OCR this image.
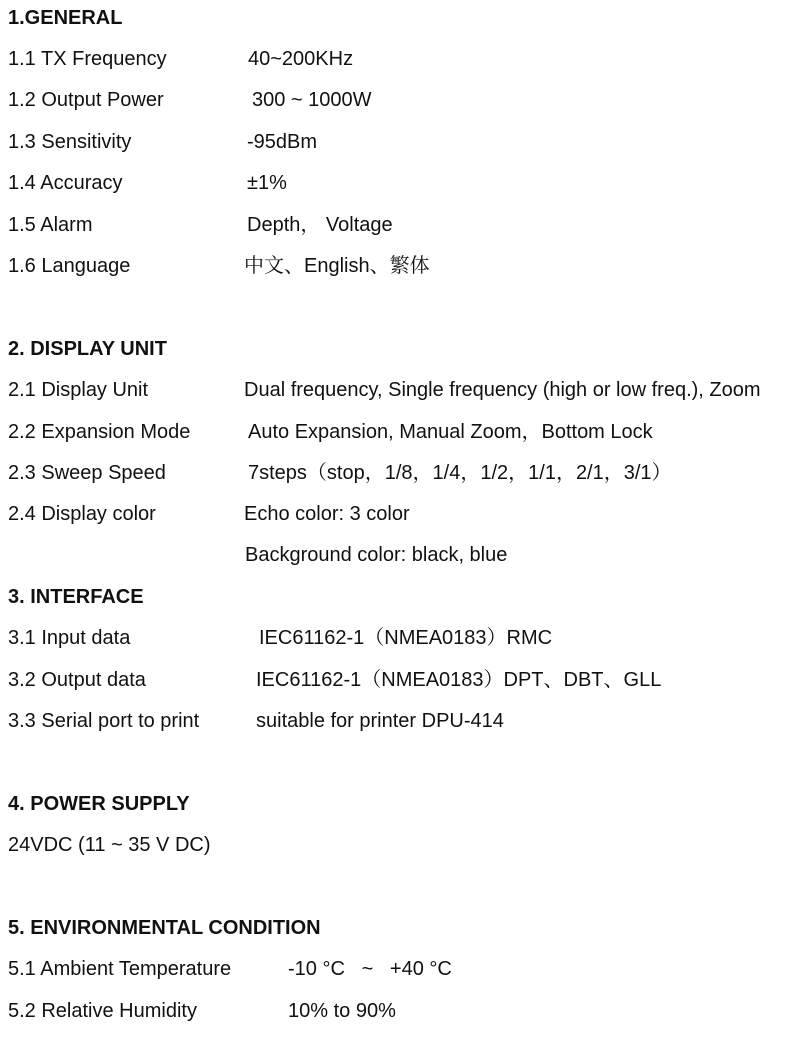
1.GENERAL
1.1 TX Frequency	40~200KHz
1.2 Output Power	300 ~ 1000W
1.3 Sensitivity	-95dBm
1.4 Accuracy	±1%
1.5 Alarm	Depth， Voltage
1.6 Language	中文、English、繁体
2. DISPLAY UNIT
2.1 Display Unit	Dual frequency, Single frequency (high or low freq.), Zoom
2.2 Expansion Mode	Auto Expansion, Manual Zoom，Bottom Lock
2.3 Sweep Speed	7steps（stop，1/8，1/4，1/2，1/1，2/1，3/1）
2.4 Display color	Echo color: 3 color
Background color: black, blue
3. INTERFACE
3.1 Input data	IEC61162-1（NMEA0183）RMC
3.2 Output data	IEC61162-1（NMEA0183）DPT、DBT、GLL
3.3 Serial port to print	suitable for printer DPU-414
4. POWER SUPPLY
24VDC (11 ~ 35 V DC)
5. ENVIRONMENTAL CONDITION
5.1 Ambient Temperature	-10 °C   ~   +40 °C
5.2 Relative Humidity	10% to 90%
